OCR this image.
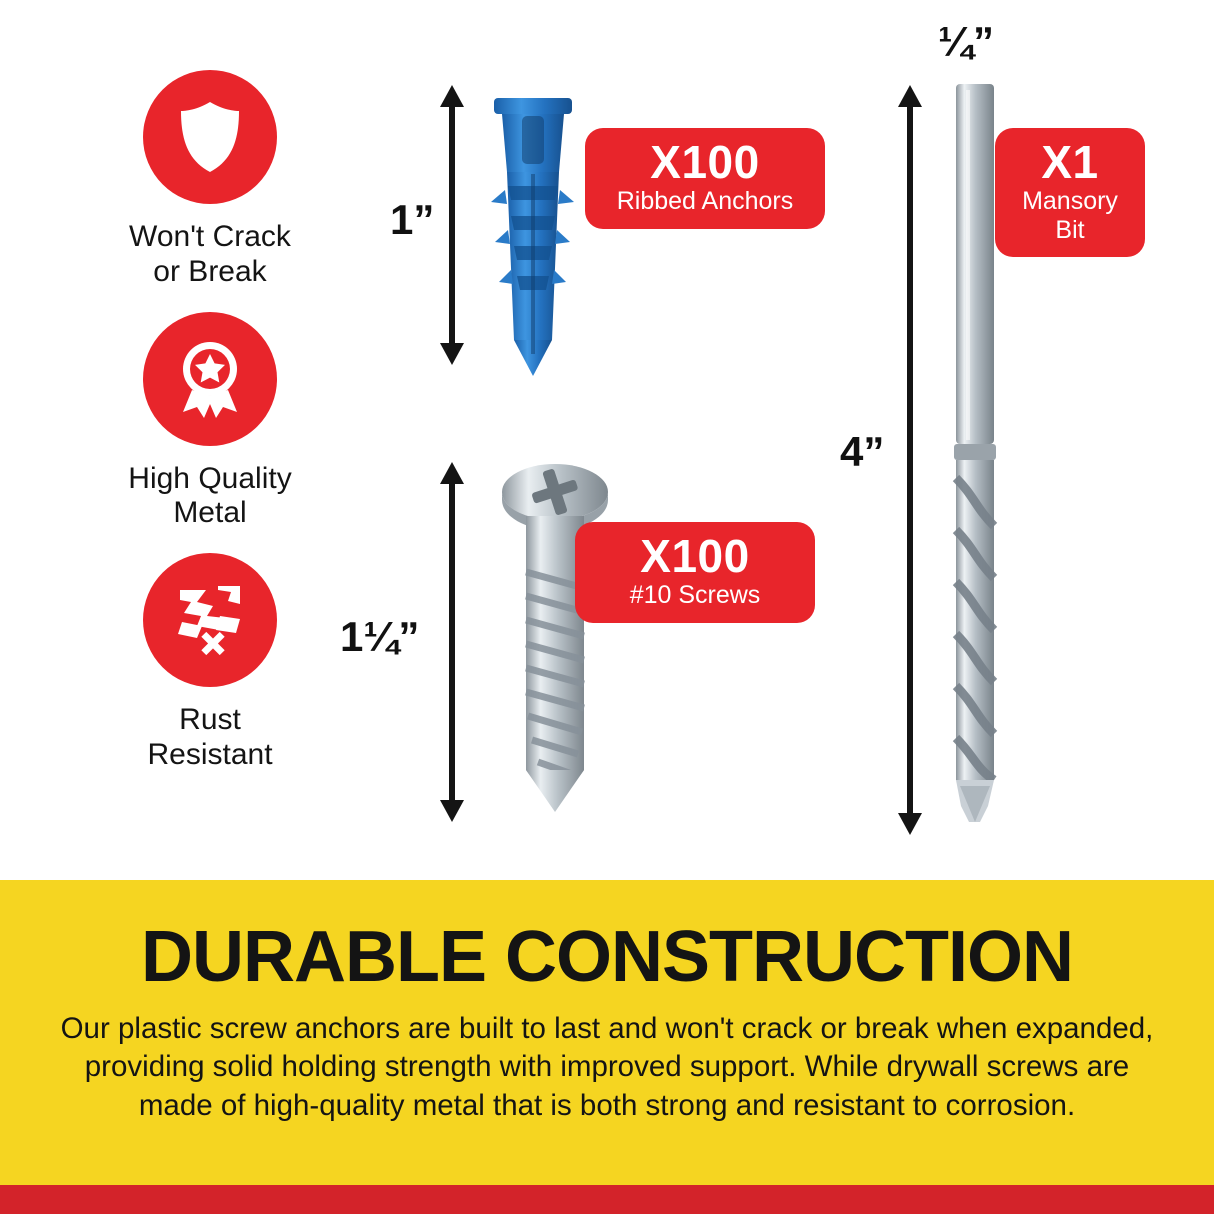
Won't Crack
or Break
High Quality
Metal
Rust
Resistant
1”
X100
Ribbed Anchors
1¼”
X100
#10 Screws
¼”
4”
X1
Mansory
Bit
DURABLE CONSTRUCTION
Our plastic screw anchors are built to last and won't crack or break when expanded, providing solid holding strength with improved support. While drywall screws are made of high-quality metal that is both strong and resistant to corrosion.
